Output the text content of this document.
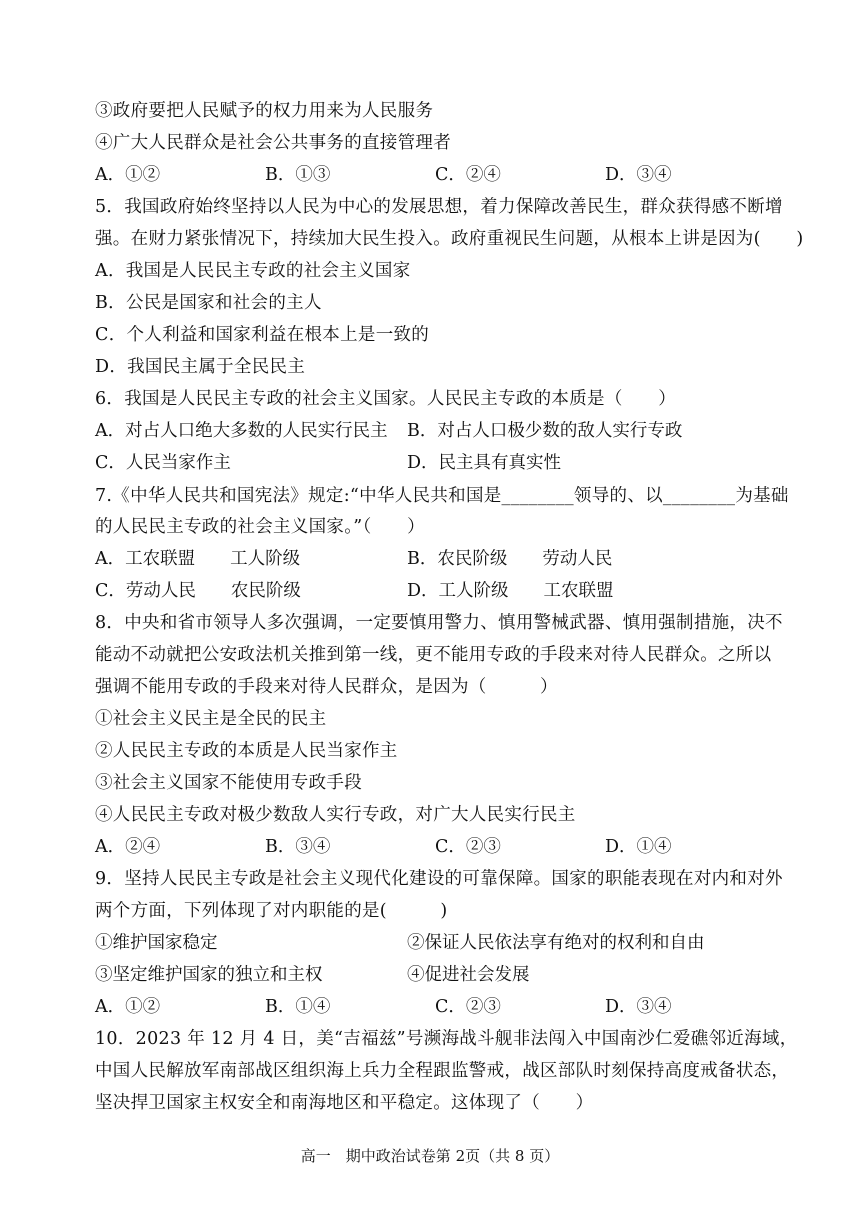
③政府要把人民赋予的权力用来为人民服务
④广大人民群众是社会公共事务的直接管理者
A．①②	B．①③	C．②④	D．③④
5．我国政府始终坚持以人民为中心的发展思想，着力保障改善民生，群众获得感不断增
强。在财力紧张情况下，持续加大民生投入。政府重视民生问题，从根本上讲是因为(　　)
A．我国是人民民主专政的社会主义国家
B．公民是国家和社会的主人
C．个人利益和国家利益在根本上是一致的
D．我国民主属于全民民主
6．我国是人民民主专政的社会主义国家。人民民主专政的本质是（　　）
A．对占人口绝大多数的人民实行民主 B．对占人口极少数的敌人实行专政
C．人民当家作主	D．民主具有真实性
7.《中华人民共和国宪法》规定:“中华人民共和国是________领导的、以________为基础
的人民民主专政的社会主义国家。”（　　）
A．工农联盟　　工人阶级	B．农民阶级　　劳动人民
C．劳动人民　　农民阶级	D．工人阶级　　工农联盟
8．中央和省市领导人多次强调，一定要慎用警力、慎用警械武器、慎用强制措施，决不
能动不动就把公安政法机关推到第一线，更不能用专政的手段来对待人民群众。之所以
强调不能用专政的手段来对待人民群众，是因为（　　　）
①社会主义民主是全民的民主
②人民民主专政的本质是人民当家作主
③社会主义国家不能使用专政手段
④人民民主专政对极少数敌人实行专政，对广大人民实行民主
A．②④	B．③④	C．②③	D．①④
9．坚持人民民主专政是社会主义现代化建设的可靠保障。国家的职能表现在对内和对外
两个方面，下列体现了对内职能的是(　　　)
①维护国家稳定	②保证人民依法享有绝对的权利和自由
③坚定维护国家的独立和主权	④促进社会发展
A．①②	B．①④	C．②③	D．③④
10．2023 年 12 月 4 日，美“吉福兹”号濒海战斗舰非法闯入中国南沙仁爱礁邻近海域，
中国人民解放军南部战区组织海上兵力全程跟监警戒，战区部队时刻保持高度戒备状态，
坚决捍卫国家主权安全和南海地区和平稳定。这体现了（　　）
高一　期中政治试卷第 2页（共 8 页）
